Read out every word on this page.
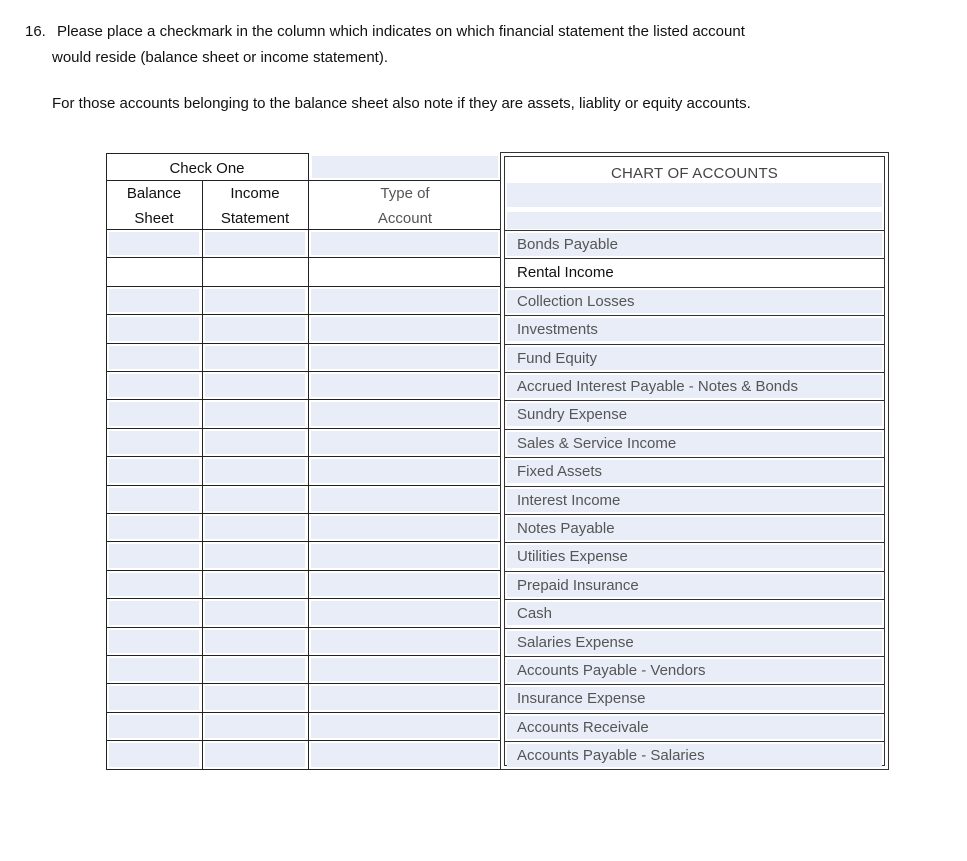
16. Please place a checkmark in the column which indicates on which financial statement the listed account
would reside (balance sheet or income statement).
For those accounts belonging to the balance sheet also note if they are assets, liablity or equity accounts.
Check One
Balance
Sheet
Income
Statement
Type of
Account
CHART OF ACCOUNTS
Bonds Payable
Rental Income
Collection Losses
Investments
Fund Equity
Accrued Interest Payable - Notes & Bonds
Sundry Expense
Sales & Service Income
Fixed Assets
Interest Income
Notes Payable
Utilities Expense
Prepaid Insurance
Cash
Salaries Expense
Accounts Payable - Vendors
Insurance Expense
Accounts Receivale
Accounts Payable - Salaries
